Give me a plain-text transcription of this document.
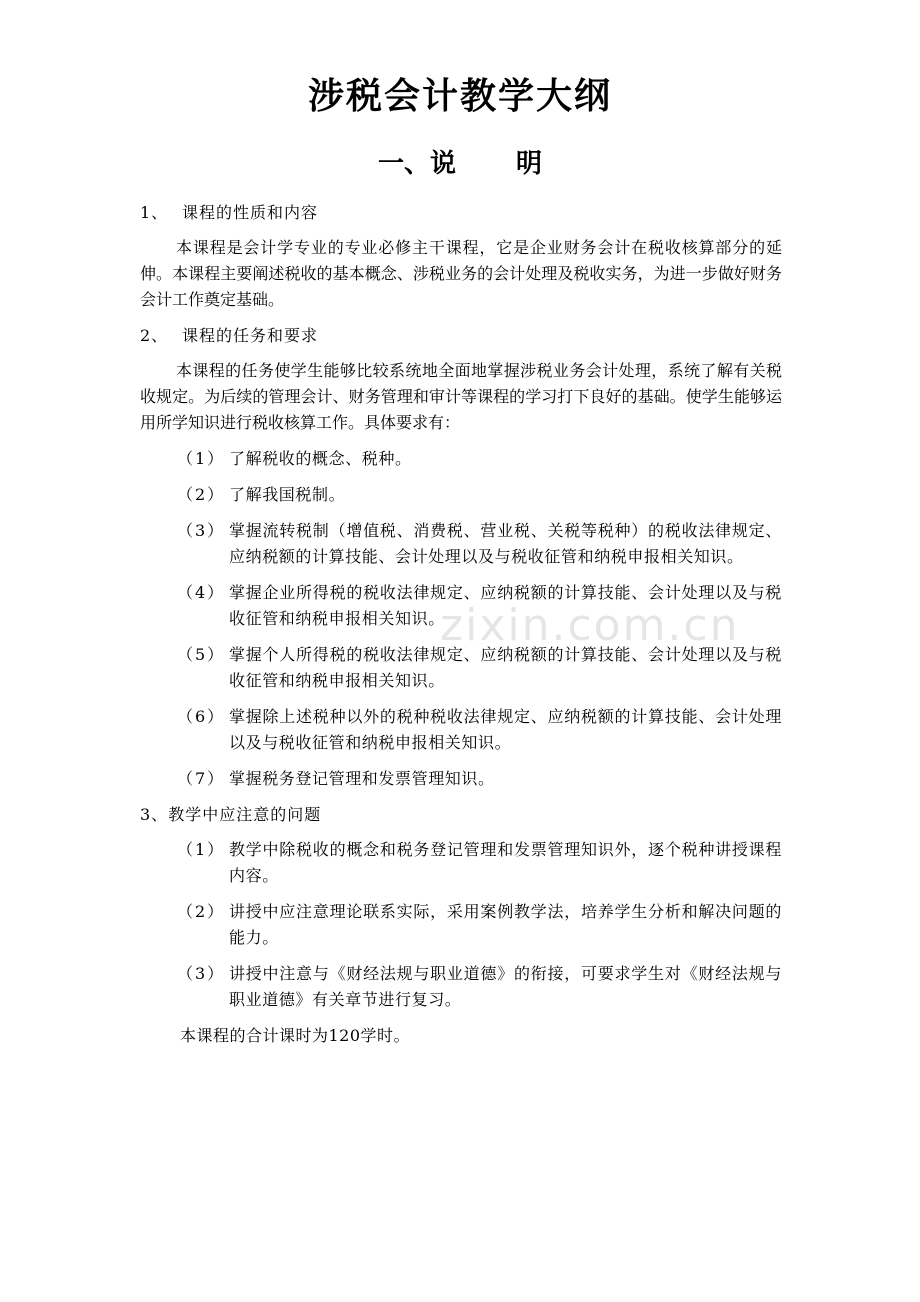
涉税会计教学大纲
一、说 明
1、 课程的性质和内容
本课程是会计学专业的专业必修主干课程，它是企业财务会计在税收核算部分的延伸。本课程主要阐述税收的基本概念、涉税业务的会计处理及税收实务，为进一步做好财务会计工作奠定基础。
2、 课程的任务和要求
本课程的任务使学生能够比较系统地全面地掌握涉税业务会计处理，系统了解有关税收规定。为后续的管理会计、财务管理和审计等课程的学习打下良好的基础。使学生能够运用所学知识进行税收核算工作。具体要求有：
（1） 了解税收的概念、税种。
（2） 了解我国税制。
（3） 掌握流转税制（增值税、消费税、营业税、关税等税种）的税收法律规定、应纳税额的计算技能、会计处理以及与税收征管和纳税申报相关知识。
（4） 掌握企业所得税的税收法律规定、应纳税额的计算技能、会计处理以及与税收征管和纳税申报相关知识。
（5） 掌握个人所得税的税收法律规定、应纳税额的计算技能、会计处理以及与税收征管和纳税申报相关知识。
（6） 掌握除上述税种以外的税种税收法律规定、应纳税额的计算技能、会计处理以及与税收征管和纳税申报相关知识。
（7） 掌握税务登记管理和发票管理知识。
3、教学中应注意的问题
（1） 教学中除税收的概念和税务登记管理和发票管理知识外，逐个税种讲授课程内容。
（2） 讲授中应注意理论联系实际，采用案例教学法，培养学生分析和解决问题的能力。
（3） 讲授中注意与《财经法规与职业道德》的衔接，可要求学生对《财经法规与职业道德》有关章节进行复习。
本课程的合计课时为120学时。
zixin.com.cn
